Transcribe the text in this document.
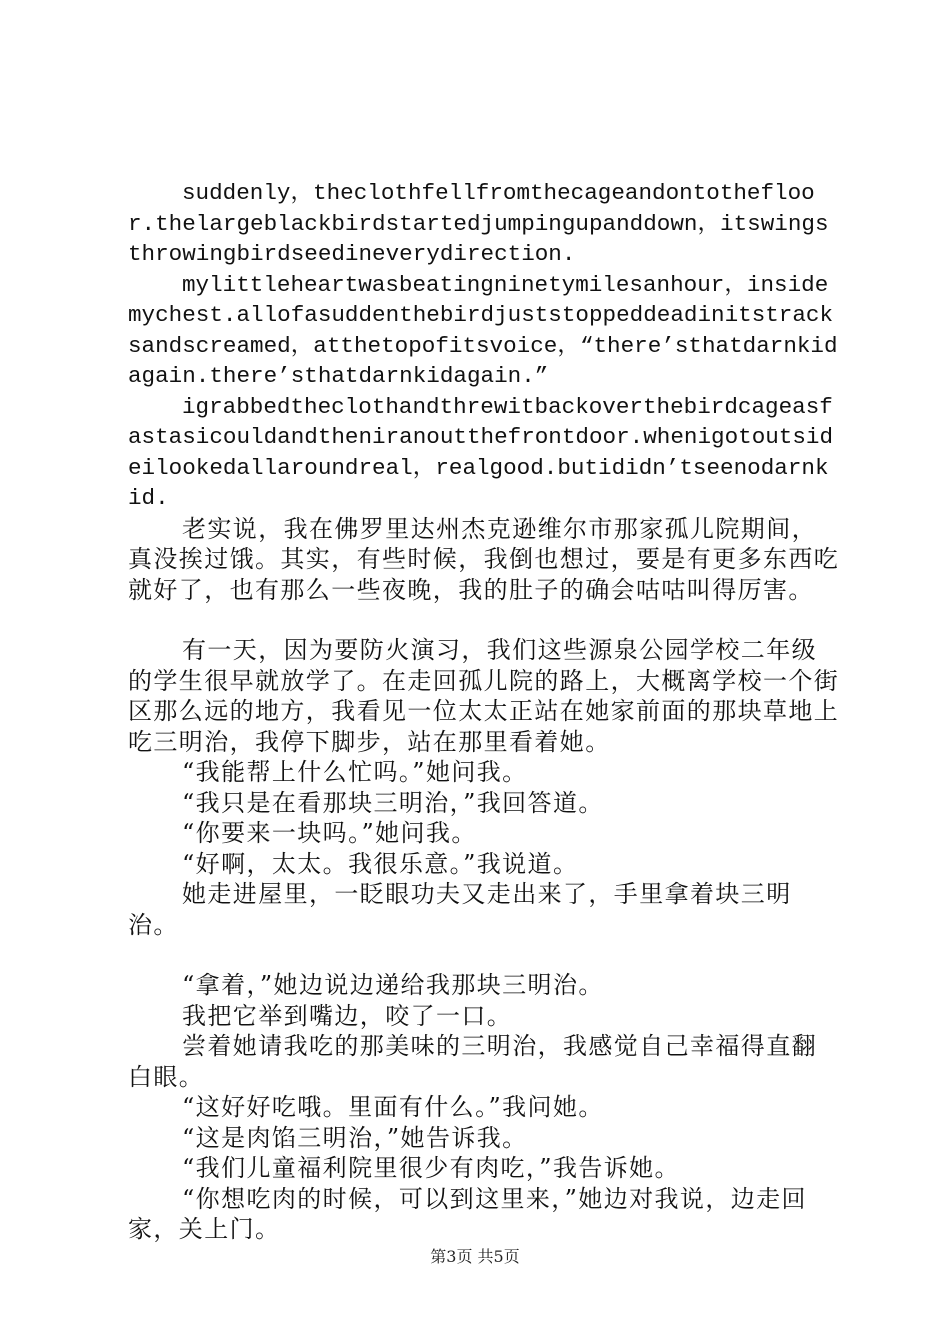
suddenly，theclothfellfromthecageandontothefloor.thelargeblackbirdstartedjumpingupanddown，itswingsthrowingbirdseedineverydirection.

mylittleheartwasbeatingninetymilesanhour，insidemychest.allofasuddenthebirdjuststoppeddeadinitstracksandscreamed，atthetopofitsvoice，“there’sthatdarnkidagain.there’sthatdarnkidagain.”

igrabbedtheclothandthrewitbackoverthebirdcageasfastasicouldandtheniranoutthefrontdoor.whenigotoutsideilookedallaroundreal，realgood.butididn’tseenodarnkid.

老实说，我在佛罗里达州杰克逊维尔市那家孤儿院期间，真没挨过饿。其实，有些时候，我倒也想过，要是有更多东西吃就好了，也有那么一些夜晚，我的肚子的确会咕咕叫得厉害。

有一天，因为要防火演习，我们这些源泉公园学校二年级的学生很早就放学了。在走回孤儿院的路上，大概离学校一个街区那么远的地方，我看见一位太太正站在她家前面的那块草地上吃三明治，我停下脚步，站在那里看着她。

“我能帮上什么忙吗。”她问我。

“我只是在看那块三明治，”我回答道。

“你要来一块吗。”她问我。

“好啊，太太。我很乐意。”我说道。

她走进屋里，一眨眼功夫又走出来了，手里拿着块三明治。

“拿着，”她边说边递给我那块三明治。

我把它举到嘴边，咬了一口。

尝着她请我吃的那美味的三明治，我感觉自己幸福得直翻白眼。

“这好好吃哦。里面有什么。”我问她。

“这是肉馅三明治，”她告诉我。

“我们儿童福利院里很少有肉吃，”我告诉她。

“你想吃肉的时候，可以到这里来，”她边对我说，边走回家，关上门。

第3页 共5页
